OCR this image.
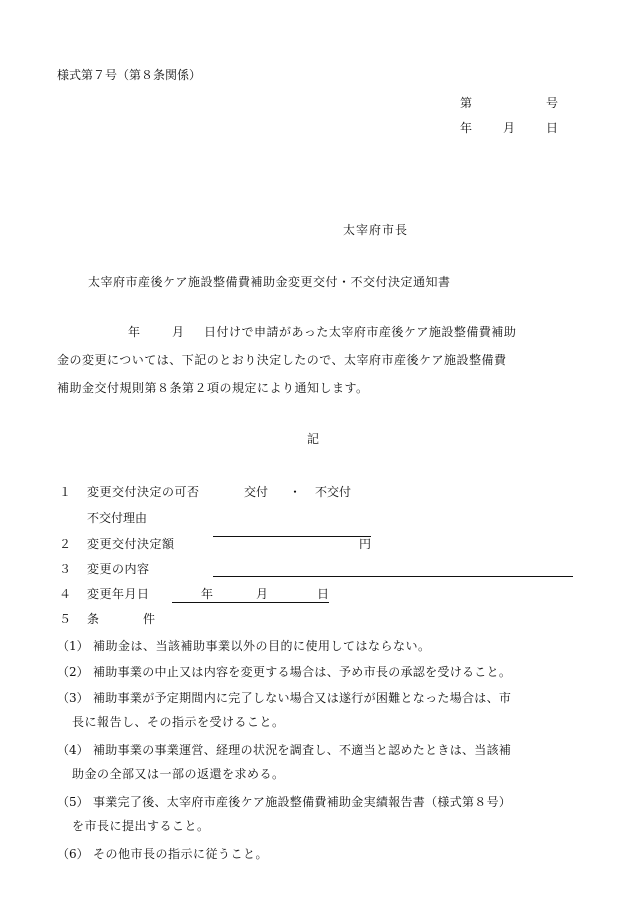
様式第７号（第８条関係）
第	号
年	月	日
太宰府市長
太宰府市産後ケア施設整備費補助金変更交付・不交付決定通知書
年	月 日付けで申請があった太宰府市産後ケア施設整備費補助
金の変更については、下記のとおり決定したので、太宰府市産後ケア施設整備費
補助金交付規則第８条第２項の規定により通知します。
記
１ 変更交付決定の可否	交付 ・ 不交付
不交付理由
２ 変更交付決定額	円
３ 変更の内容
４ 変更年月日	年	月	日
５ 条	件
（1） 補助金は、当該補助事業以外の目的に使用してはならない。
（2） 補助事業の中止又は内容を変更する場合は、予め市長の承認を受けること。
（3） 補助事業が予定期間内に完了しない場合又は遂行が困難となった場合は、市
長に報告し、その指示を受けること。
（4） 補助事業の事業運営、経理の状況を調査し、不適当と認めたときは、当該補
助金の全部又は一部の返還を求める。
（5） 事業完了後、太宰府市産後ケア施設整備費補助金実績報告書（様式第８号）
を市長に提出すること。
（6） その他市長の指示に従うこと。
